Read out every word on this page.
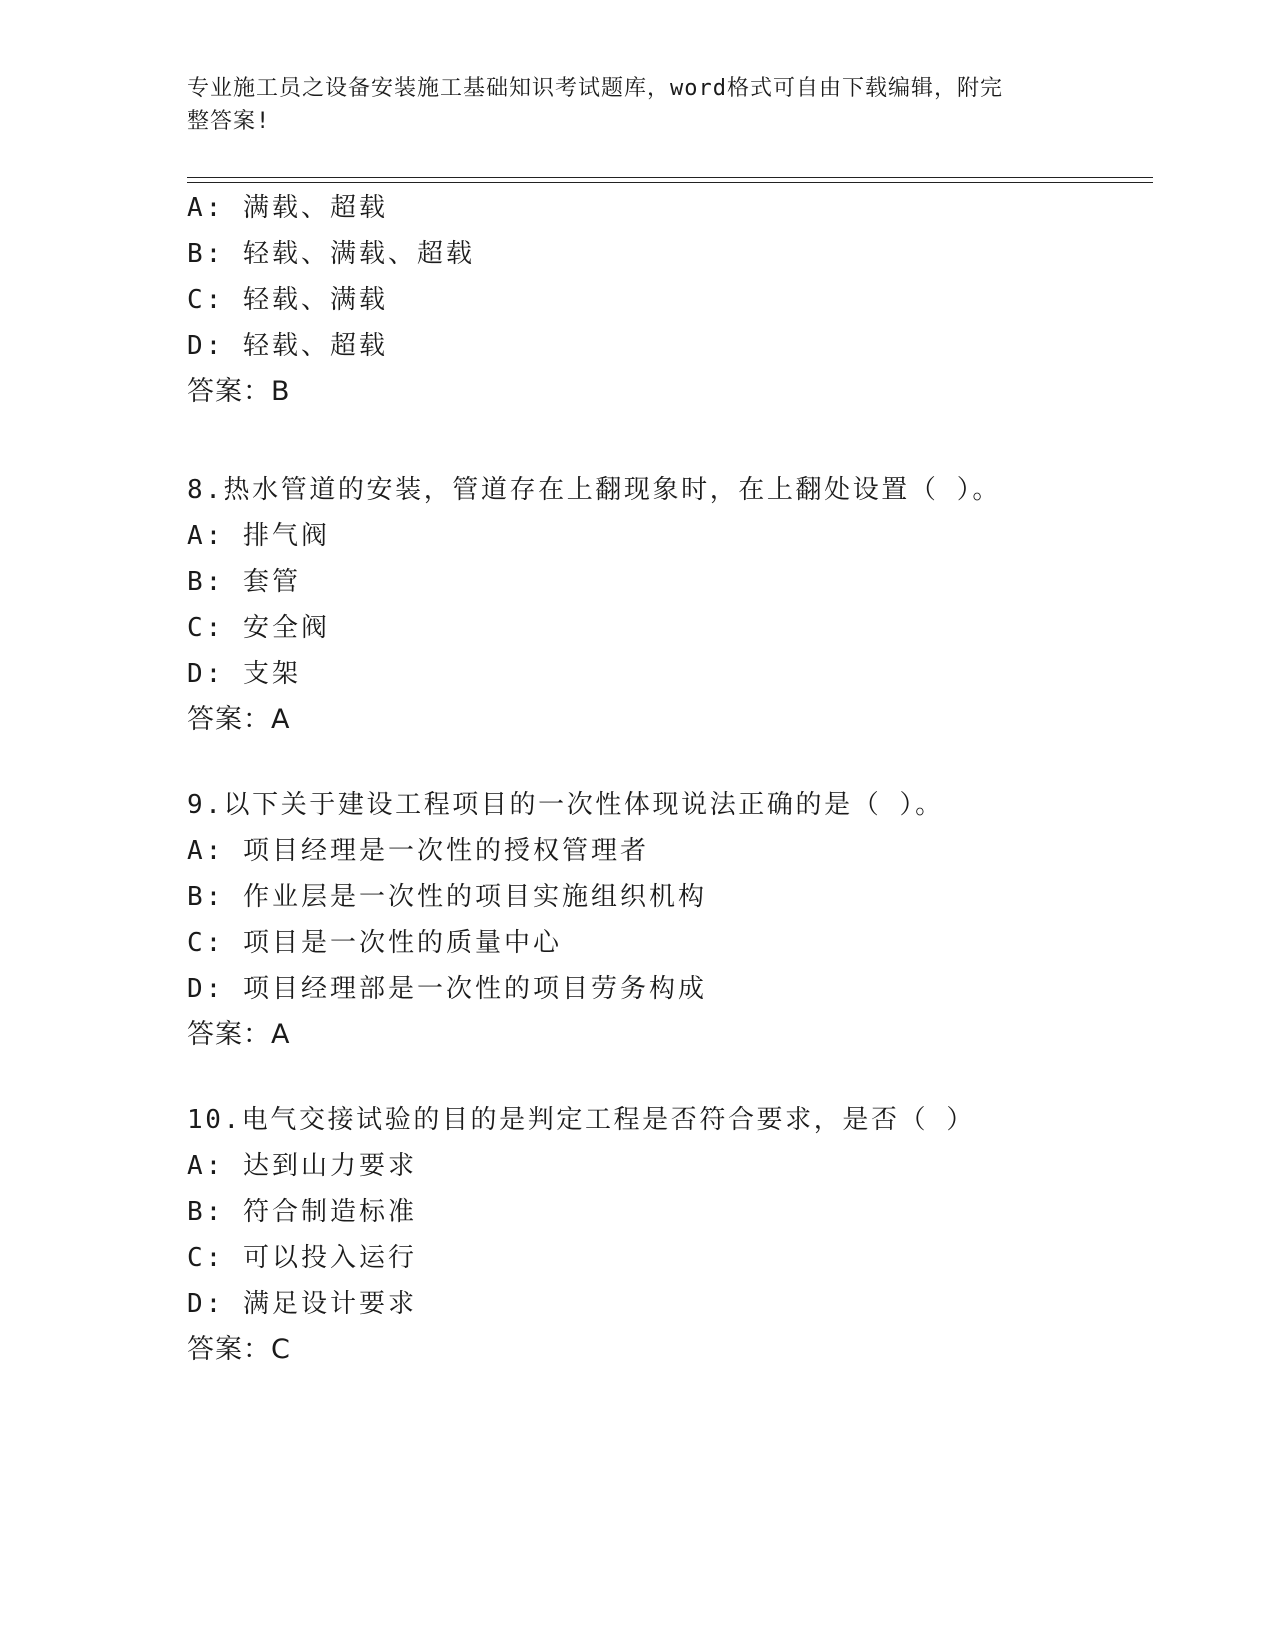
专业施工员之设备安装施工基础知识考试题库，word格式可自由下载编辑，附完
整答案!
A: 满载、超载
B: 轻载、满载、超载
C: 轻载、满载
D: 轻载、超载
答案：B
8.热水管道的安装，管道存在上翻现象时，在上翻处设置（ ）。
A: 排气阀
B: 套管
C: 安全阀
D: 支架
答案：A
9.以下关于建设工程项目的一次性体现说法正确的是（ ）。
A: 项目经理是一次性的授权管理者
B: 作业层是一次性的项目实施组织机构
C: 项目是一次性的质量中心
D: 项目经理部是一次性的项目劳务构成
答案：A
10.电气交接试验的目的是判定工程是否符合要求，是否（ ）
A: 达到山力要求
B: 符合制造标准
C: 可以投入运行
D: 满足设计要求
答案：C
